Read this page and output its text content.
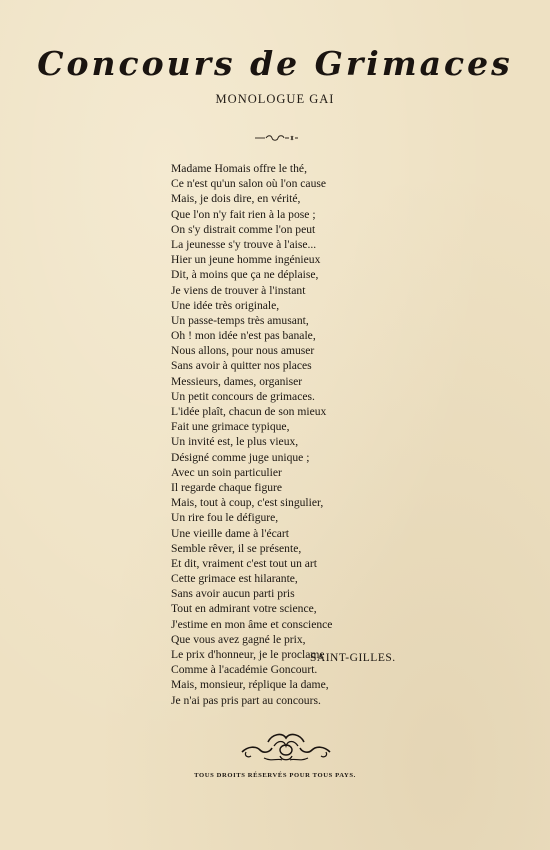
Concours de Grimaces
MONOLOGUE GAI
Madame Homais offre le thé,
Ce n'est qu'un salon où l'on cause
Mais, je dois dire, en vérité,
Que l'on n'y fait rien à la pose ;
On s'y distrait comme l'on peut
La jeunesse s'y trouve à l'aise...
Hier un jeune homme ingénieux
Dit, à moins que ça ne déplaise,
Je viens de trouver à l'instant
Une idée très originale,
Un passe-temps très amusant,
Oh ! mon idée n'est pas banale,
Nous allons, pour nous amuser
Sans avoir à quitter nos places
Messieurs, dames, organiser
Un petit concours de grimaces.
L'idée plaît, chacun de son mieux
Fait une grimace typique,
Un invité est, le plus vieux,
Désigné comme juge unique ;
Avec un soin particulier
Il regarde chaque figure
Mais, tout à coup, c'est singulier,
Un rire fou le défigure,
Une vieille dame à l'écart
Semble rêver, il se présente,
Et dit, vraiment c'est tout un art
Cette grimace est hilarante,
Sans avoir aucun parti pris
Tout en admirant votre science,
J'estime en mon âme et conscience
Que vous avez gagné le prix,
Le prix d'honneur, je le proclame
Comme à l'académie Goncourt.
Mais, monsieur, réplique la dame,
Je n'ai pas pris part au concours.
SAINT-GILLES.
TOUS DROITS RÉSERVÉS POUR TOUS PAYS.
